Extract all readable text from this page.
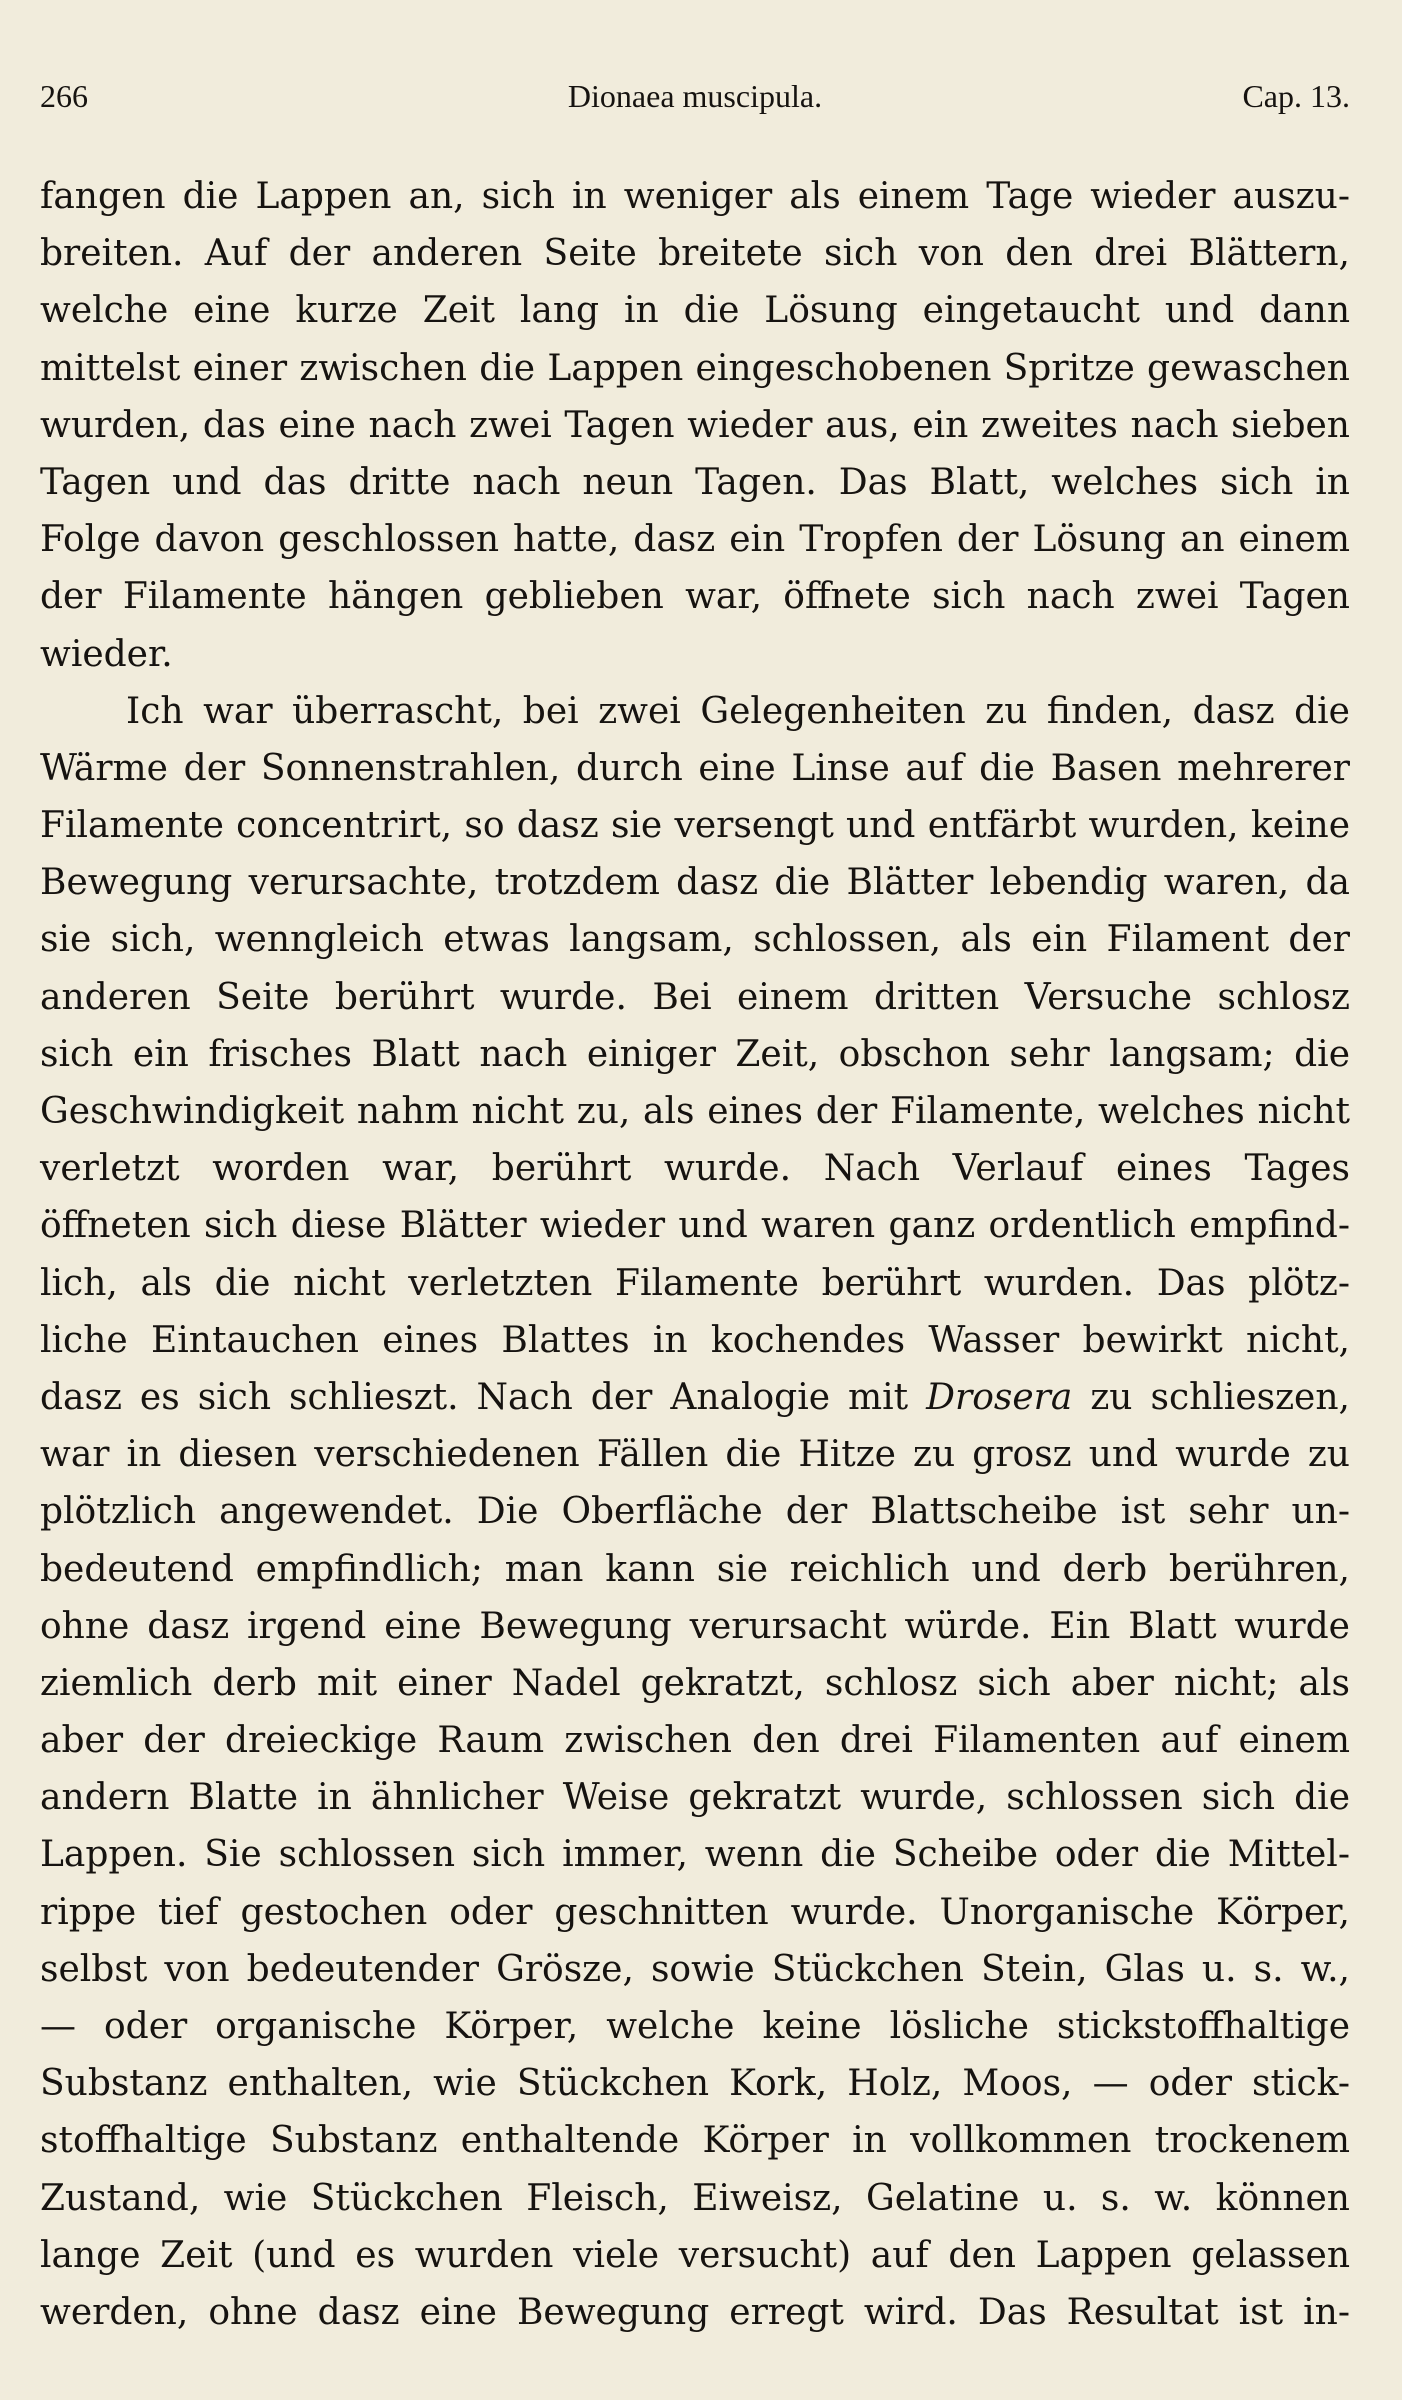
266	Dionaea muscipula.	Cap. 13.
fangen die Lappen an, sich in weniger als einem Tage wieder auszu-
breiten. Auf der anderen Seite breitete sich von den drei Blättern,
welche eine kurze Zeit lang in die Lösung eingetaucht und dann
mittelst einer zwischen die Lappen eingeschobenen Spritze gewaschen
wurden, das eine nach zwei Tagen wieder aus, ein zweites nach sieben
Tagen und das dritte nach neun Tagen. Das Blatt, welches sich in
Folge davon geschlossen hatte, dasz ein Tropfen der Lösung an einem
der Filamente hängen geblieben war, öffnete sich nach zwei Tagen
wieder.
Ich war überrascht, bei zwei Gelegenheiten zu finden, dasz die
Wärme der Sonnenstrahlen, durch eine Linse auf die Basen mehrerer
Filamente concentrirt, so dasz sie versengt und entfärbt wurden, keine
Bewegung verursachte, trotzdem dasz die Blätter lebendig waren, da
sie sich, wenngleich etwas langsam, schlossen, als ein Filament der
anderen Seite berührt wurde. Bei einem dritten Versuche schlosz
sich ein frisches Blatt nach einiger Zeit, obschon sehr langsam; die
Geschwindigkeit nahm nicht zu, als eines der Filamente, welches nicht
verletzt worden war, berührt wurde. Nach Verlauf eines Tages
öffneten sich diese Blätter wieder und waren ganz ordentlich empfind-
lich, als die nicht verletzten Filamente berührt wurden. Das plötz-
liche Eintauchen eines Blattes in kochendes Wasser bewirkt nicht,
dasz es sich schlieszt. Nach der Analogie mit Drosera zu schlieszen,
war in diesen verschiedenen Fällen die Hitze zu grosz und wurde zu
plötzlich angewendet. Die Oberfläche der Blattscheibe ist sehr un-
bedeutend empfindlich; man kann sie reichlich und derb berühren,
ohne dasz irgend eine Bewegung verursacht würde. Ein Blatt wurde
ziemlich derb mit einer Nadel gekratzt, schlosz sich aber nicht; als
aber der dreieckige Raum zwischen den drei Filamenten auf einem
andern Blatte in ähnlicher Weise gekratzt wurde, schlossen sich die
Lappen. Sie schlossen sich immer, wenn die Scheibe oder die Mittel-
rippe tief gestochen oder geschnitten wurde. Unorganische Körper,
selbst von bedeutender Grösze, sowie Stückchen Stein, Glas u. s. w.,
— oder organische Körper, welche keine lösliche stickstoffhaltige
Substanz enthalten, wie Stückchen Kork, Holz, Moos, — oder stick-
stoffhaltige Substanz enthaltende Körper in vollkommen trockenem
Zustand, wie Stückchen Fleisch, Eiweisz, Gelatine u. s. w. können
lange Zeit (und es wurden viele versucht) auf den Lappen gelassen
werden, ohne dasz eine Bewegung erregt wird. Das Resultat ist in-
